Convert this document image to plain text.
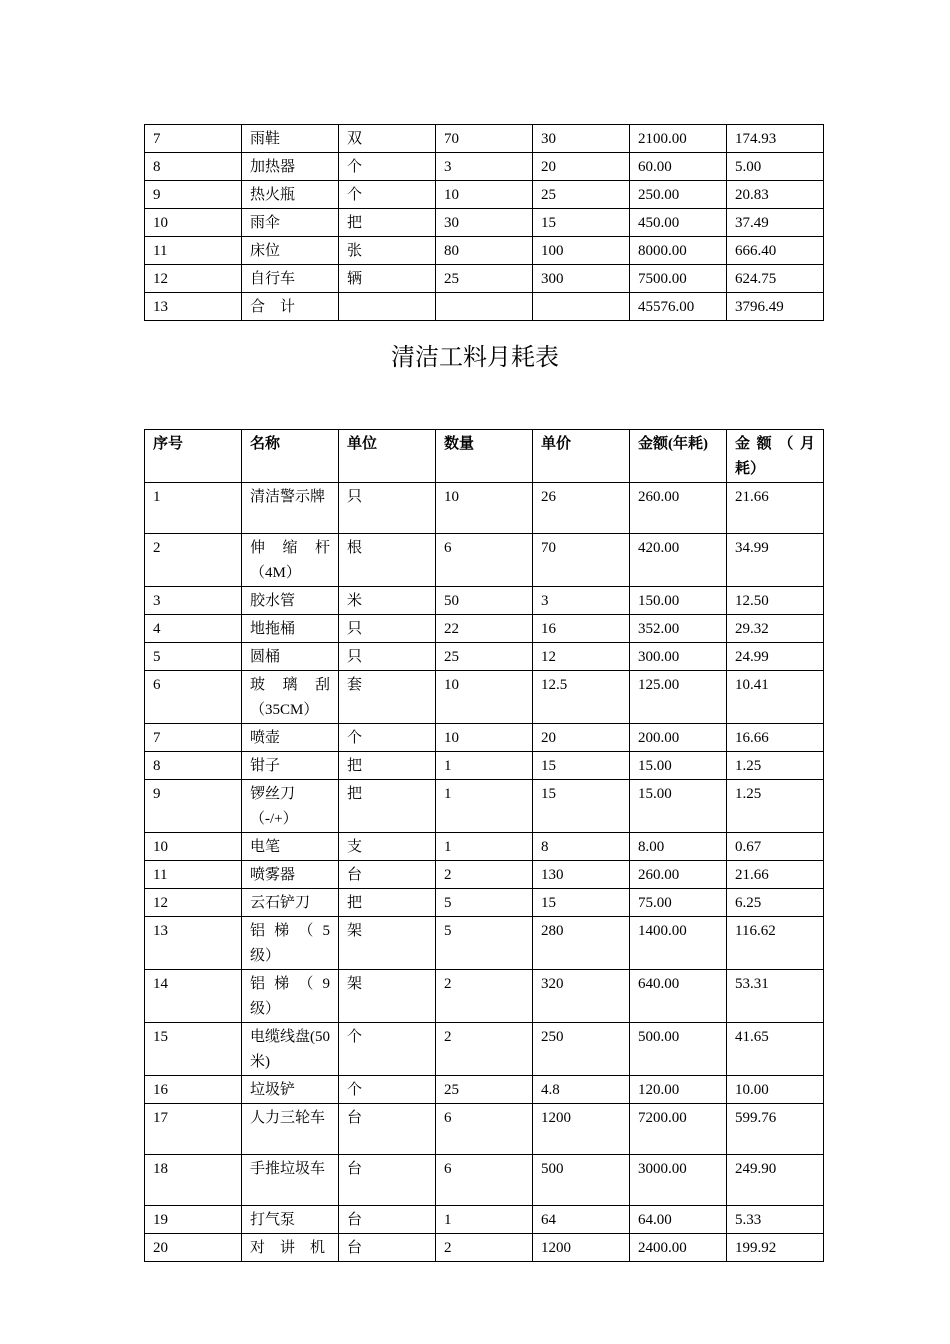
7	雨鞋	双	70	30	2100.00	174.93
8	加热器	个	3	20	60.00	5.00
9	热火瓶	个	10	25	250.00	20.83
10	雨伞	把	30	15	450.00	37.49
11	床位	张	80	100	8000.00	666.40
12	自行车	辆	25	300	7500.00	624.75
13	合　计				45576.00	3796.49
清洁工料月耗表
序号	名称	单位	数量	单价	金额(年耗)	金 额 （ 月耗）
1	清洁警示牌	只	10	26	260.00	21.66
2	伸 缩 杆（4M）	根	6	70	420.00	34.99
3	胶水管	米	50	3	150.00	12.50
4	地拖桶	只	22	16	352.00	29.32
5	圆桶	只	25	12	300.00	24.99
6	玻 璃 刮（35CM）	套	10	12.5	125.00	10.41
7	喷壶	个	10	20	200.00	16.66
8	钳子	把	1	15	15.00	1.25
9	锣丝刀（-/+）	把	1	15	15.00	1.25
10	电笔	支	1	8	8.00	0.67
11	喷雾器	台	2	130	260.00	21.66
12	云石铲刀	把	5	15	75.00	6.25
13	铝 梯 （ 5级）	架	5	280	1400.00	116.62
14	铝 梯 （ 9级）	架	2	320	640.00	53.31
15	电缆线盘(50米)	个	2	250	500.00	41.65
16	垃圾铲	个	25	4.8	120.00	10.00
17	人力三轮车	台	6	1200	7200.00	599.76
18	手推垃圾车	台	6	500	3000.00	249.90
19	打气泵	台	1	64	64.00	5.33
20	对　讲　机	台	2	1200	2400.00	199.92
